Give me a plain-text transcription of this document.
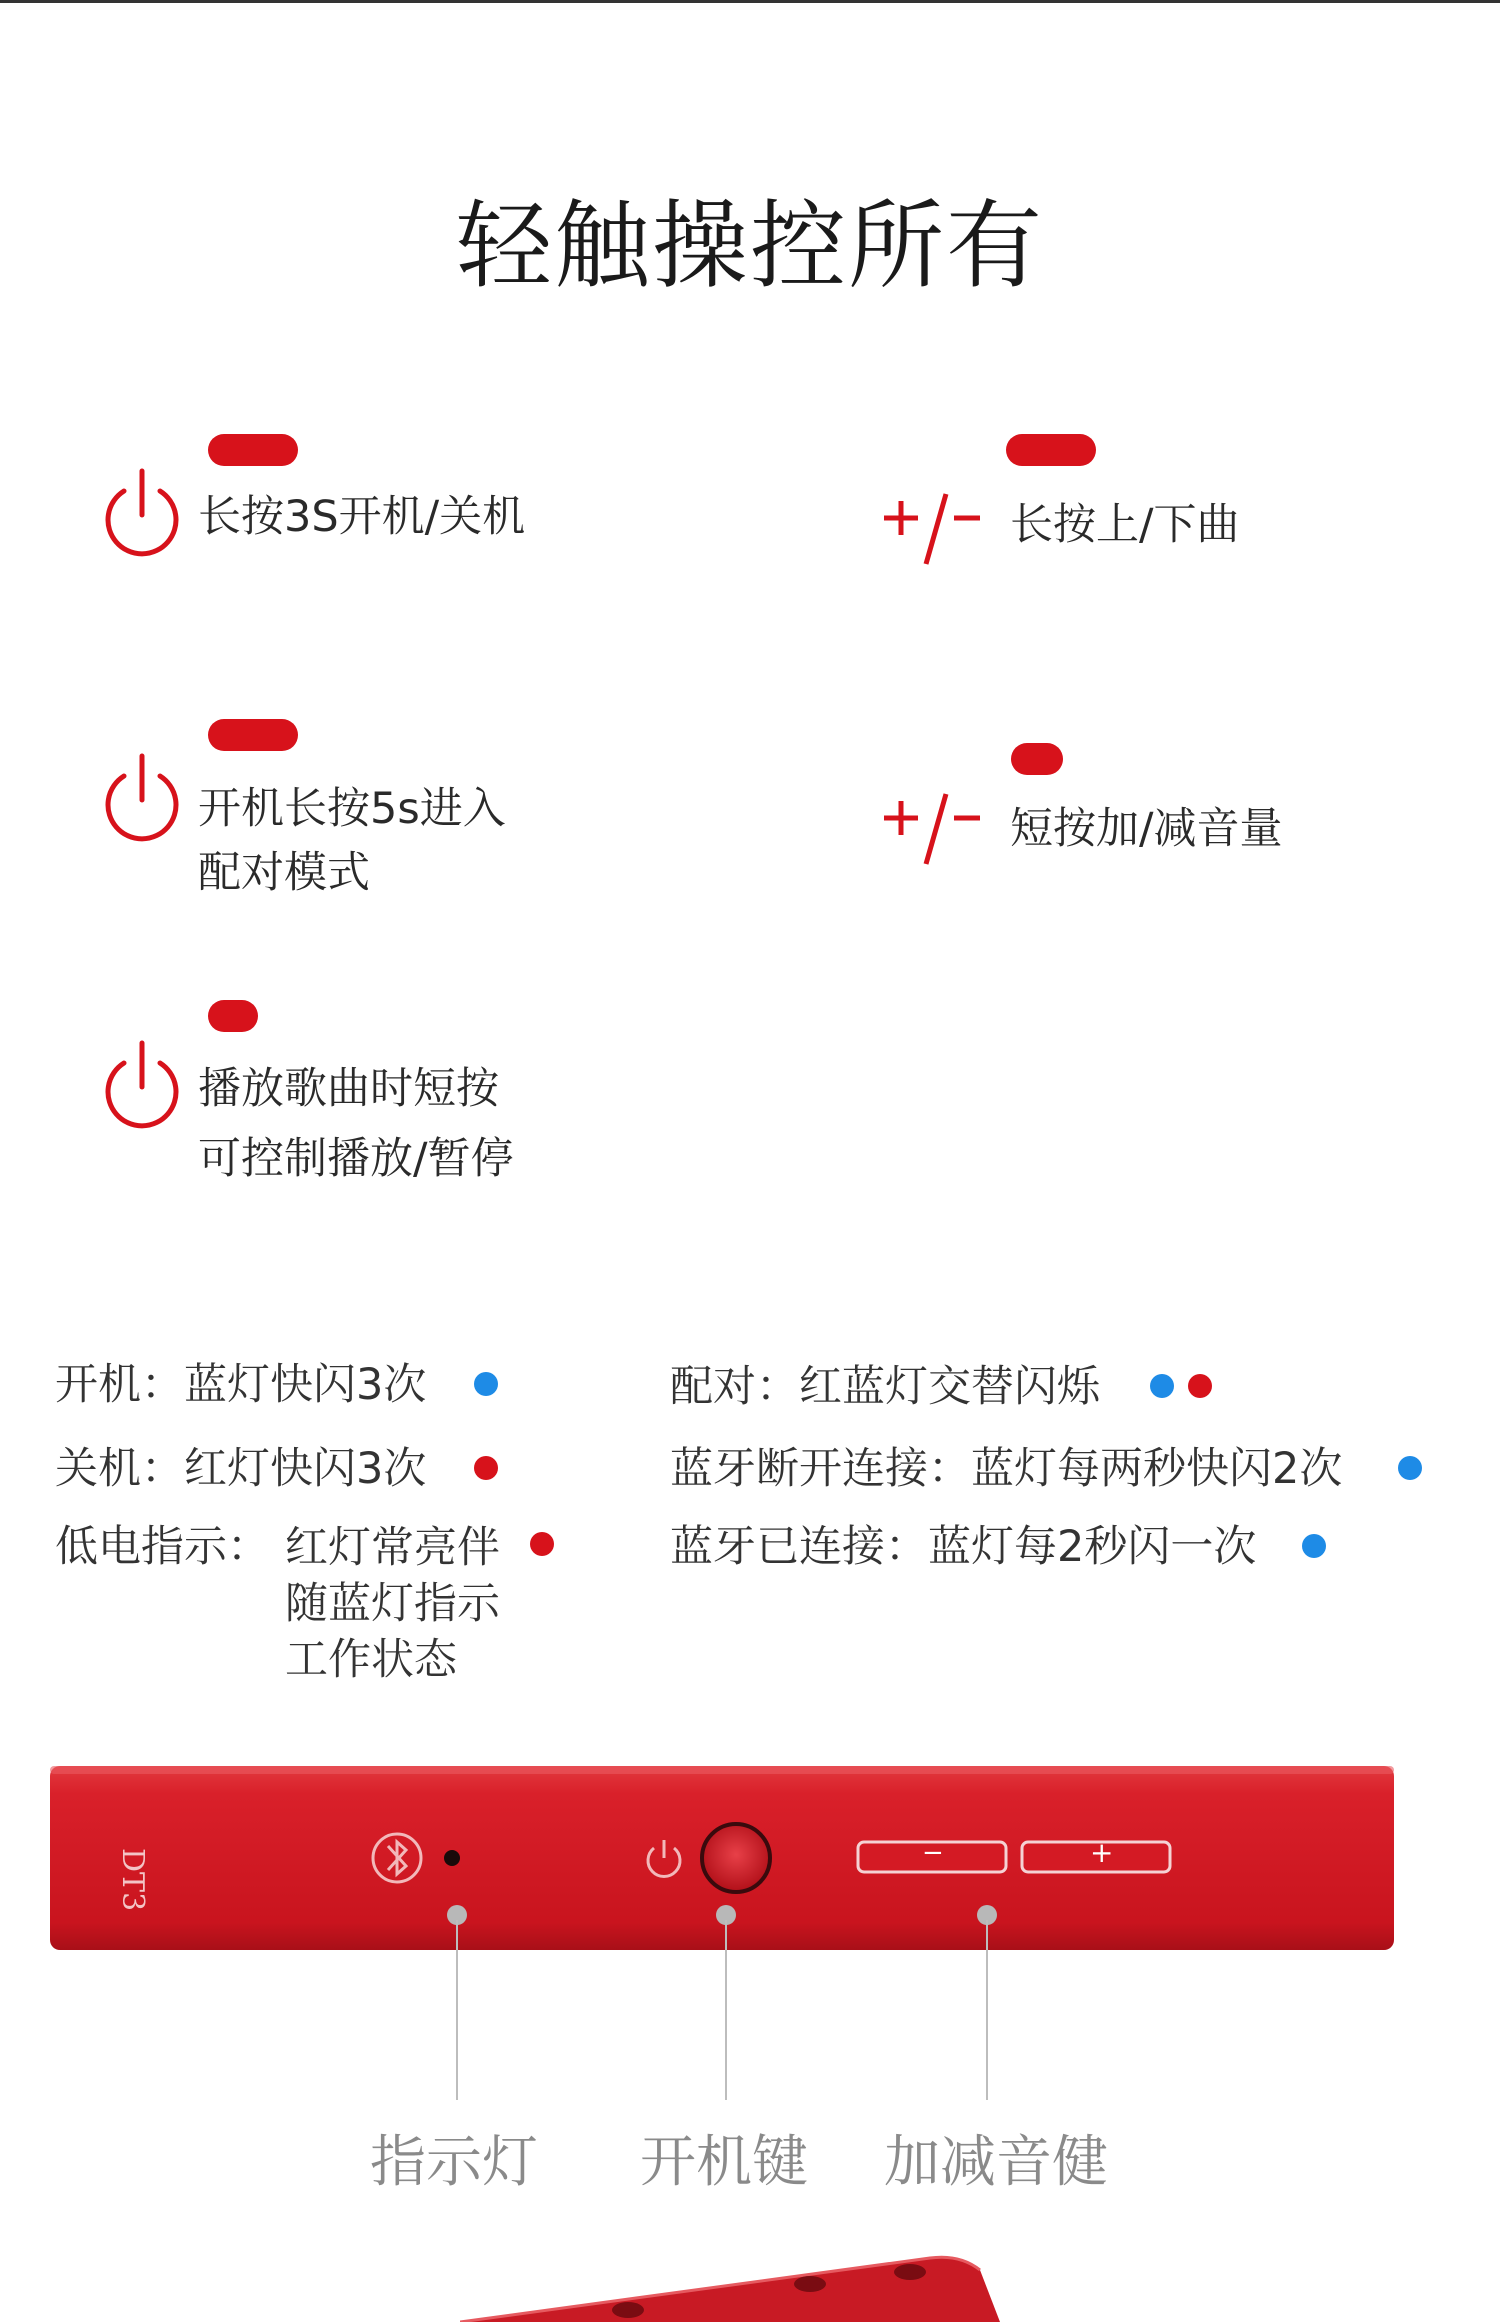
轻触操控所有
长按3S开机/关机
开机长按5s进入
配对模式
播放歌曲时短按
可控制播放/暂停
长按上/下曲
短按加/减音量
开机：蓝灯快闪3次
关机：红灯快闪3次
低电指示： 红灯常亮伴
随蓝灯指示
工作状态
配对：红蓝灯交替闪烁
蓝牙断开连接：蓝灯每两秒快闪2次
蓝牙已连接：蓝灯每2秒闪一次
DT3	−	+
指示灯 开机键 加减音健
